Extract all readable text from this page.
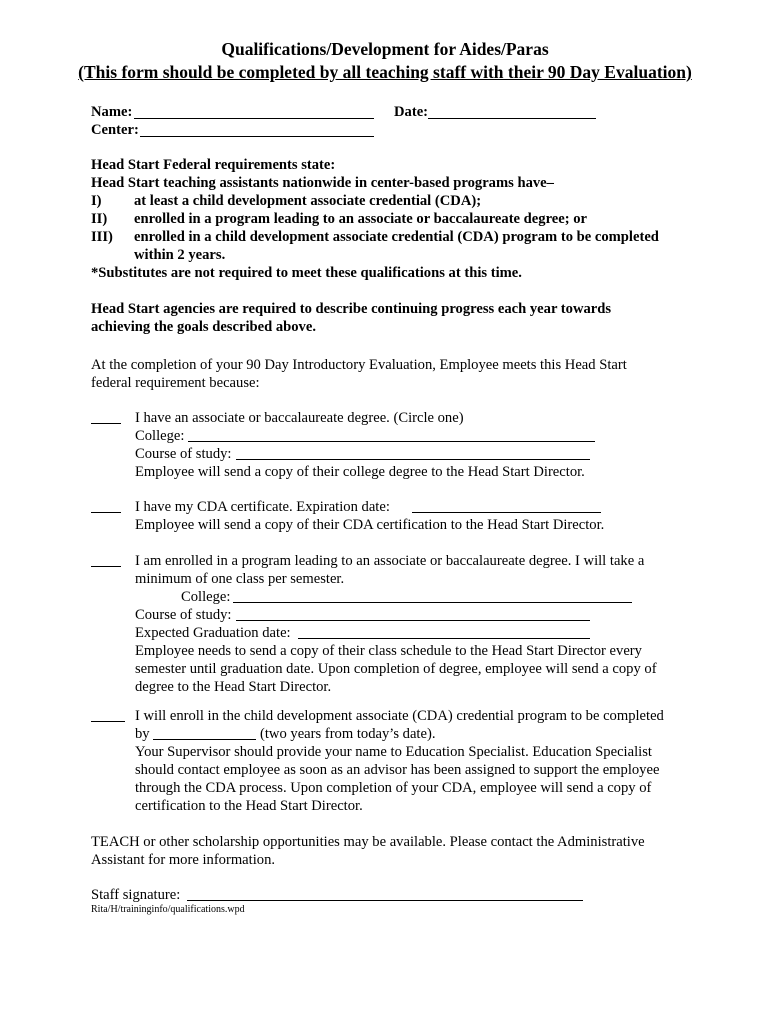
Qualifications/Development for Aides/Paras
(This form should be completed by all teaching staff with their 90 Day Evaluation)
Name:	Date:
Center:
Head Start Federal requirements state:
Head Start teaching assistants nationwide in center-based programs have–
I) at least a child development associate credential (CDA);
II) enrolled in a program leading to an associate or baccalaureate degree; or
III) enrolled in a child development associate credential (CDA) program to be completed
within 2 years.
*Substitutes are not required to meet these qualifications at this time.
Head Start agencies are required to describe continuing progress each year towards
achieving the goals described above.
At the completion of your 90 Day Introductory Evaluation, Employee meets this Head Start
federal requirement because:
I have an associate or baccalaureate degree. (Circle one)
College:
Course of study:
Employee will send a copy of their college degree to the Head Start Director.
I have my CDA certificate. Expiration date:
Employee will send a copy of their CDA certification to the Head Start Director.
I am enrolled in a program leading to an associate or baccalaureate degree. I will take a
minimum of one class per semester.
College:
Course of study:
Expected Graduation date:
Employee needs to send a copy of their class schedule to the Head Start Director every
semester until graduation date. Upon completion of degree, employee will send a copy of
degree to the Head Start Director.
I will enroll in the child development associate (CDA) credential program to be completed
by	(two years from today’s date).
Your Supervisor should provide your name to Education Specialist. Education Specialist
should contact employee as soon as an advisor has been assigned to support the employee
through the CDA process. Upon completion of your CDA, employee will send a copy of
certification to the Head Start Director.
TEACH or other scholarship opportunities may be available. Please contact the Administrative
Assistant for more information.
Staff signature:
Rita/H/traininginfo/qualifications.wpd
